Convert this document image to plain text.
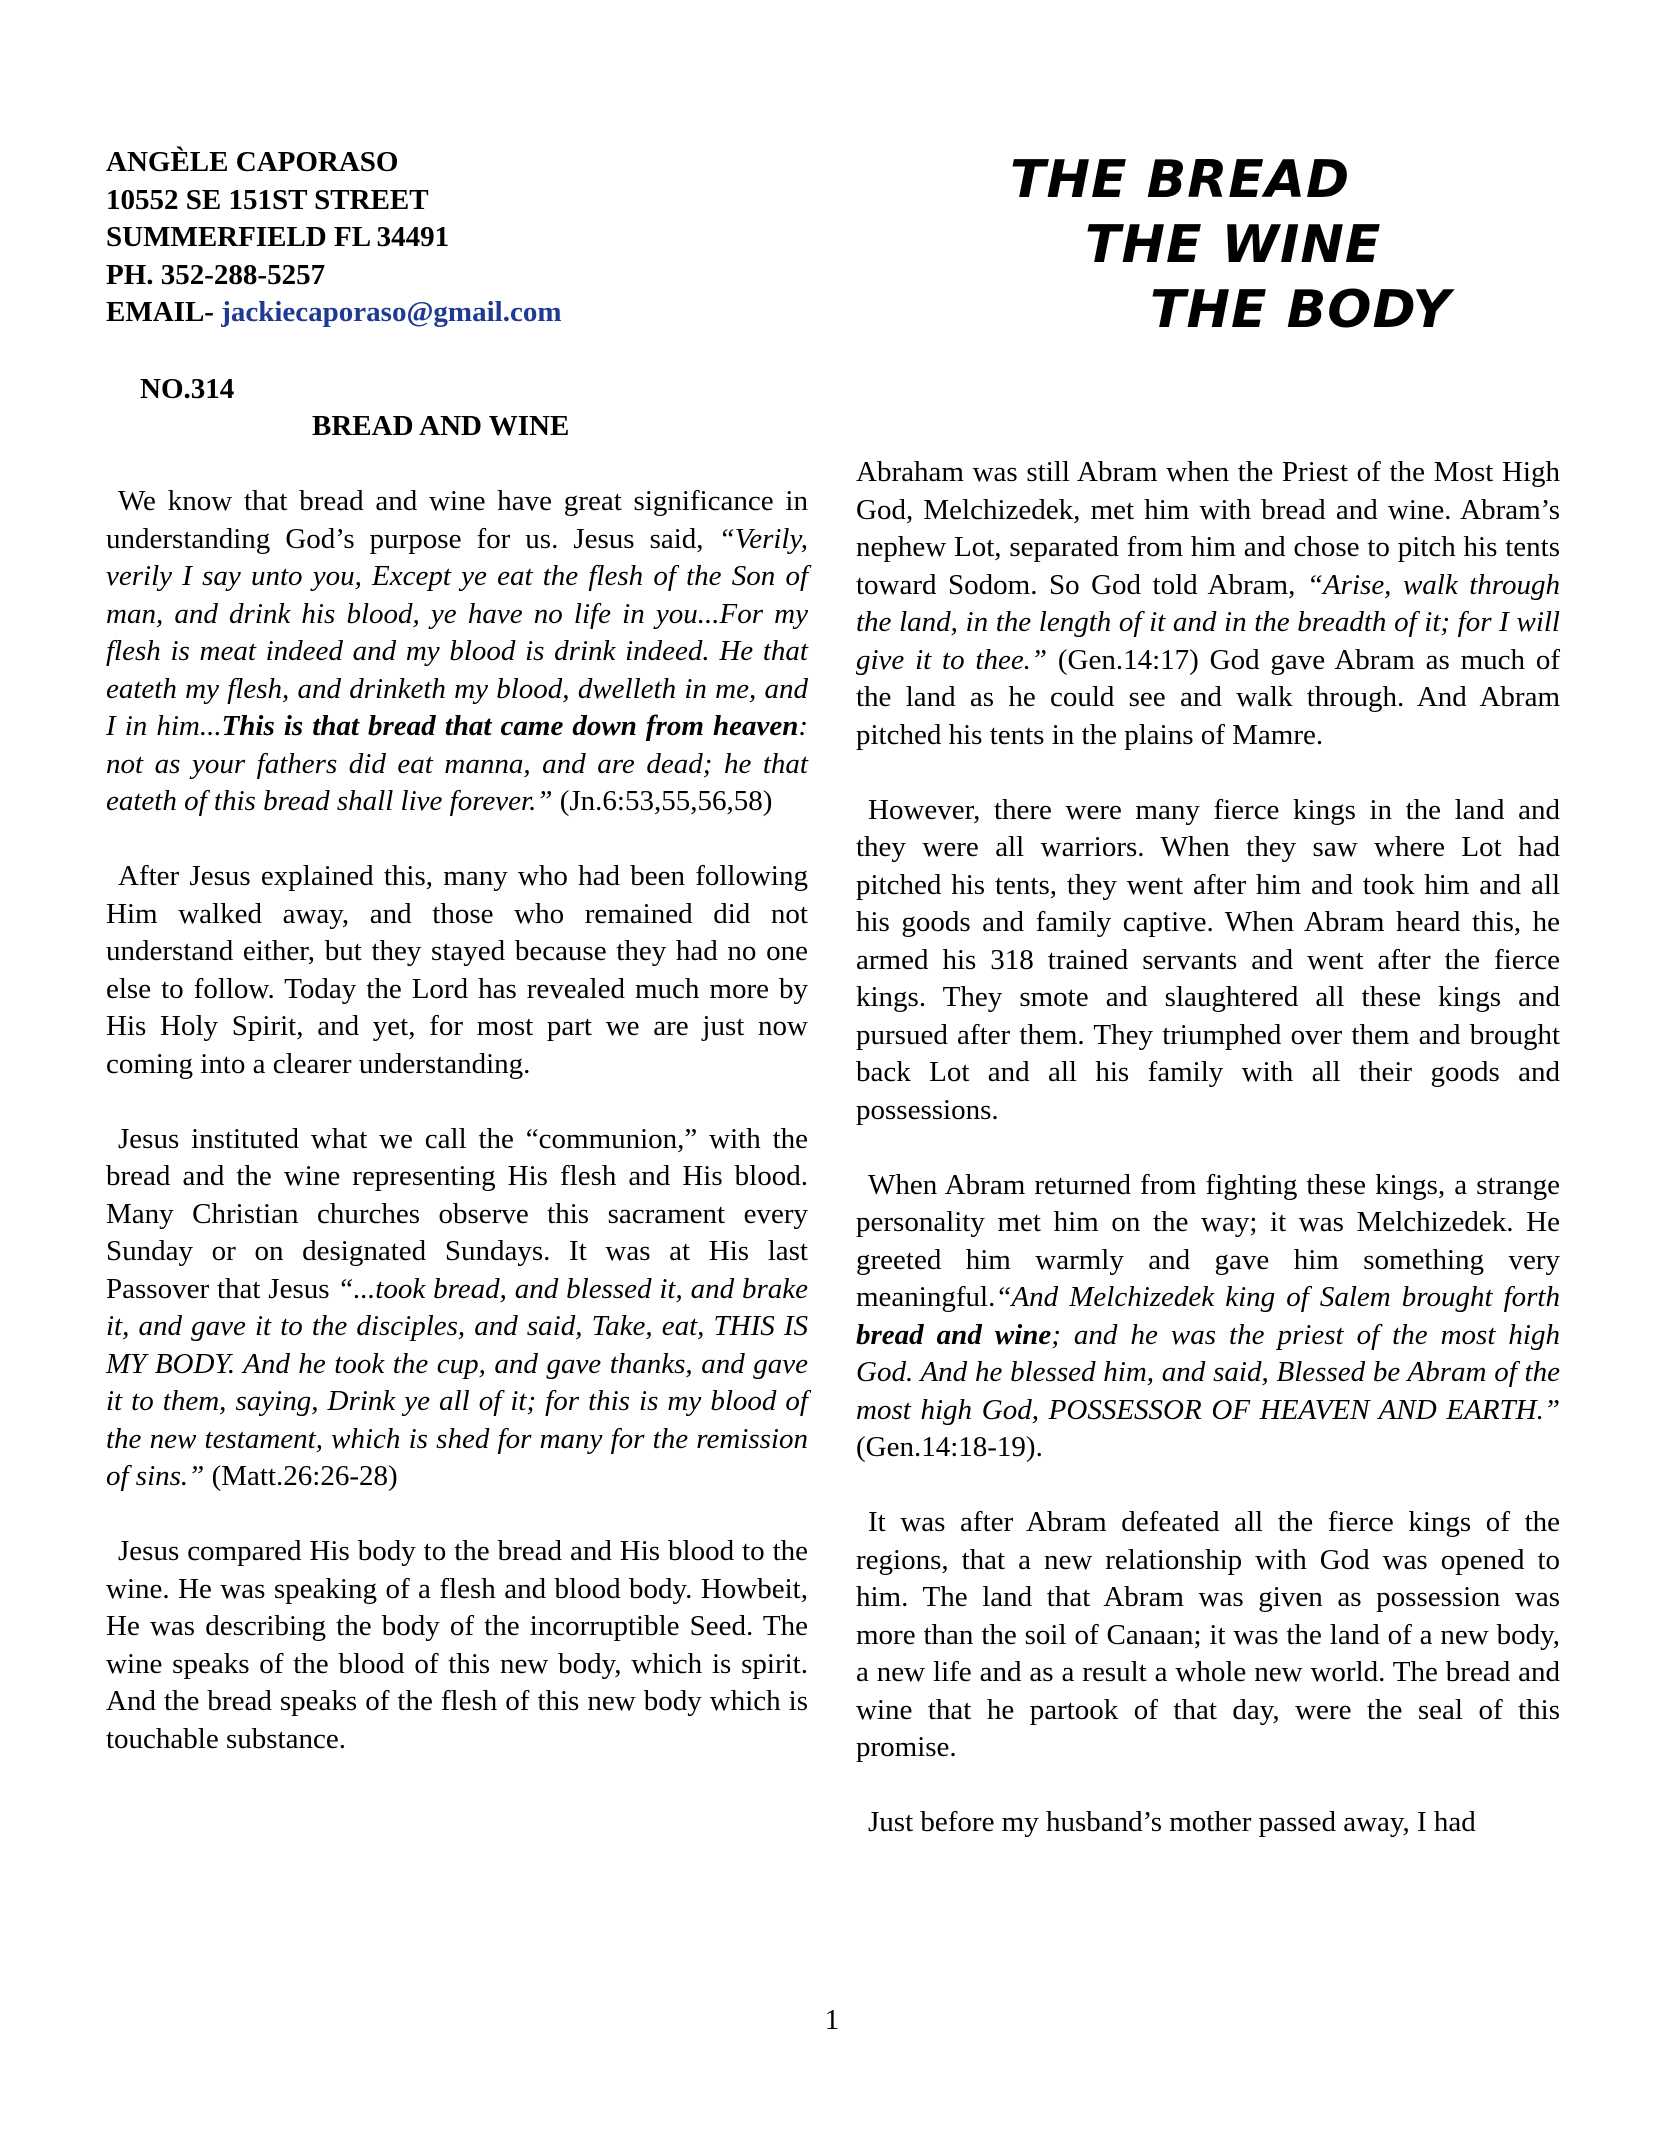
ANGÈLE CAPORASO
10552 SE 151ST STREET
SUMMERFIELD FL 34491
PH. 352-288-5257
EMAIL- jackiecaporaso@gmail.com
THE BREAD
THE WINE
THE BODY
NO.314
BREAD AND WINE

We know that bread and wine have great significance in understanding God’s purpose for us. Jesus said, “Verily, verily I say unto you, Except ye eat the flesh of the Son of man, and drink his blood, ye have no life in you...For my flesh is meat indeed and my blood is drink indeed. He that eateth my flesh, and drinketh my blood, dwelleth in me, and I in him...This is that bread that came down from heaven: not as your fathers did eat manna, and are dead; he that eateth of this bread shall live forever.” (Jn.6:53,55,56,58)

After Jesus explained this, many who had been following Him walked away, and those who remained did not understand either, but they stayed because they had no one else to follow. Today the Lord has revealed much more by His Holy Spirit, and yet, for most part we are just now coming into a clearer understanding.

Jesus instituted what we call the “communion,” with the bread and the wine representing His flesh and His blood. Many Christian churches observe this sacrament every Sunday or on designated Sundays. It was at His last Passover that Jesus “...took bread, and blessed it, and brake it, and gave it to the disciples, and said, Take, eat, THIS IS MY BODY. And he took the cup, and gave thanks, and gave it to them, saying, Drink ye all of it; for this is my blood of the new testament, which is shed for many for the remission of sins.” (Matt.26:26-28)

Jesus compared His body to the bread and His blood to the wine. He was speaking of a flesh and blood body. Howbeit, He was describing the body of the incorruptible Seed. The wine speaks of the blood of this new body, which is spirit. And the bread speaks of the flesh of this new body which is touchable substance.

Abraham was still Abram when the Priest of the Most High God, Melchizedek, met him with bread and wine. Abram’s nephew Lot, separated from him and chose to pitch his tents toward Sodom. So God told Abram, “Arise, walk through the land, in the length of it and in the breadth of it; for I will give it to thee.” (Gen.14:17) God gave Abram as much of the land as he could see and walk through. And Abram pitched his tents in the plains of Mamre.

However, there were many fierce kings in the land and they were all warriors. When they saw where Lot had pitched his tents, they went after him and took him and all his goods and family captive. When Abram heard this, he armed his 318 trained servants and went after the fierce kings. They smote and slaughtered all these kings and pursued after them. They triumphed over them and brought back Lot and all his family with all their goods and possessions.

When Abram returned from fighting these kings, a strange personality met him on the way; it was Melchizedek. He greeted him warmly and gave him something very meaningful.“And Melchizedek king of Salem brought forth bread and wine; and he was the priest of the most high God. And he blessed him, and said, Blessed be Abram of the most high God, POSSESSOR OF HEAVEN AND EARTH.” (Gen.14:18-19).

It was after Abram defeated all the fierce kings of the regions, that a new relationship with God was opened to him. The land that Abram was given as possession was more than the soil of Canaan; it was the land of a new body, a new life and as a result a whole new world. The bread and wine that he partook of that day, were the seal of this promise.

Just before my husband’s mother passed away, I had

1
